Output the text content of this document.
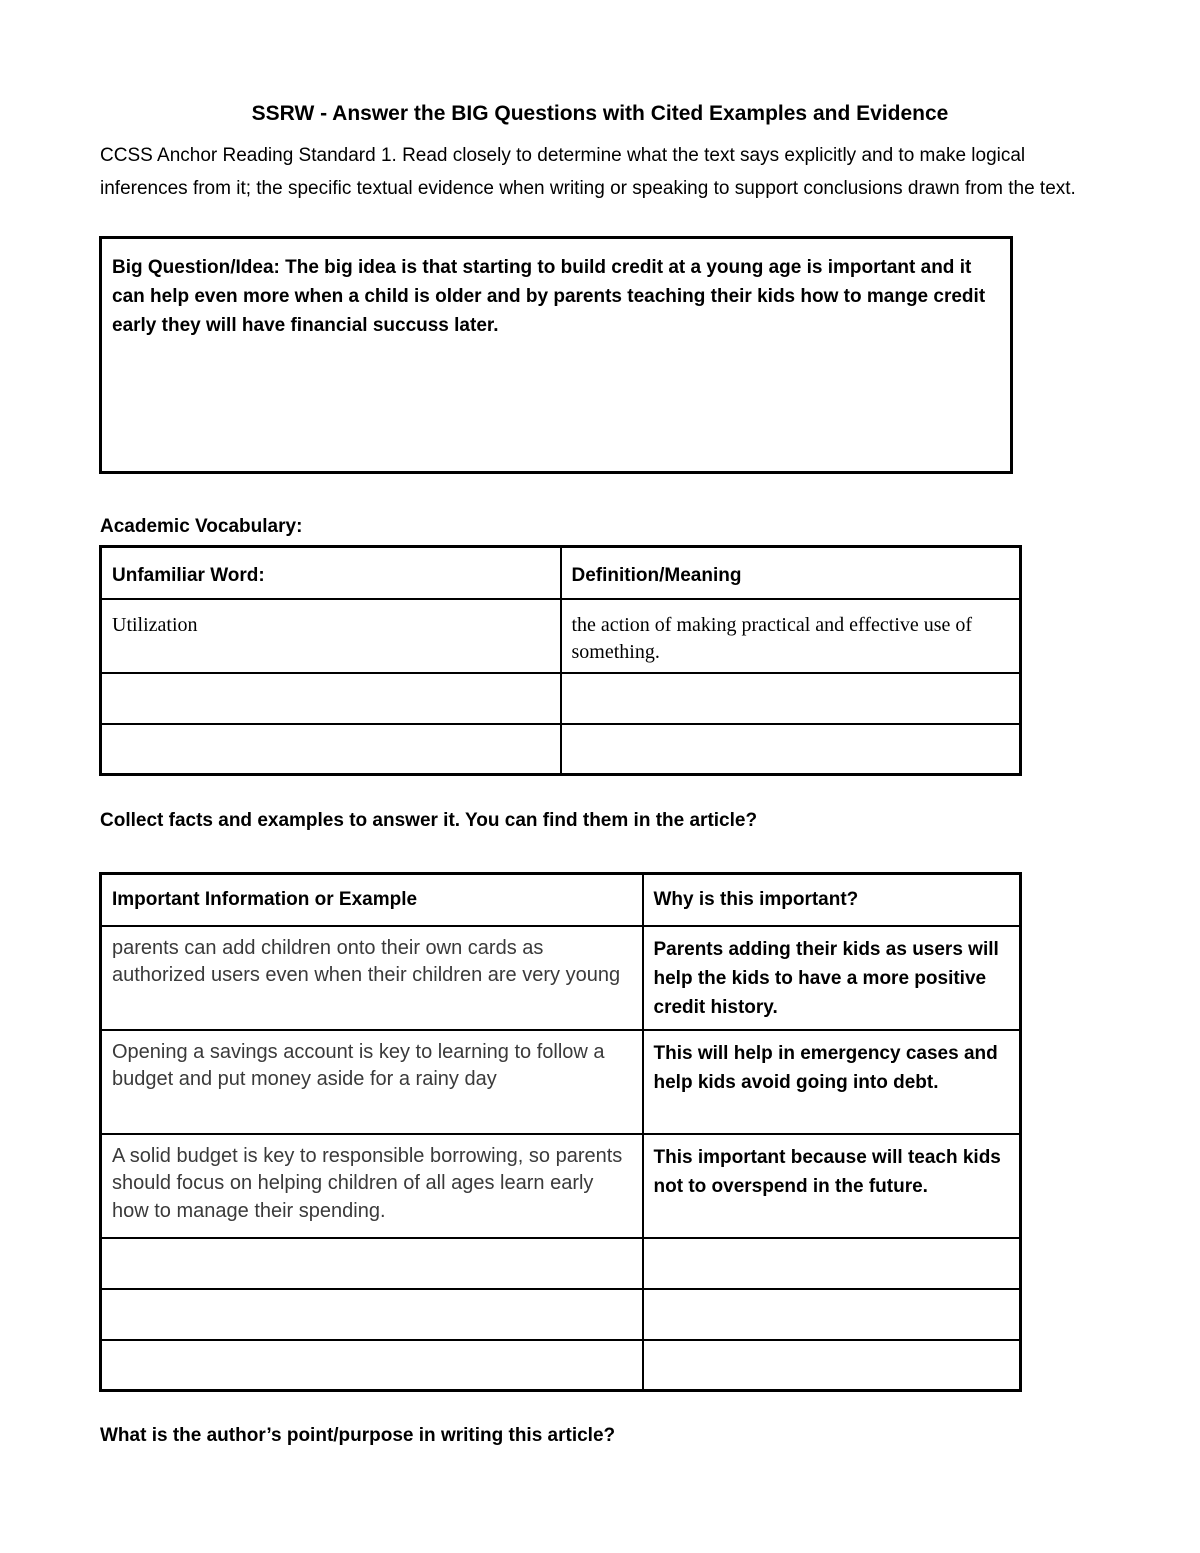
SSRW - Answer the BIG Questions with Cited Examples and Evidence
CCSS Anchor Reading Standard 1. Read closely to determine what the text says explicitly and to make logical inferences from it; the specific textual evidence when writing or speaking to support conclusions drawn from the text.
Big Question/Idea: The big idea is that starting to build credit at a young age is important and it can help even more when a child is older and by parents teaching their kids how to mange credit early they will have financial succuss later.
Academic Vocabulary:
Unfamiliar Word:	Definition/Meaning
Utilization	the action of making practical and effective use of something.

Collect facts and examples to answer it. You can find them in the article?
Important Information or Example	Why is this important?
parents can add children onto their own cards as authorized users even when their children are very young	Parents adding their kids as users will help the kids to have a more positive credit history.
Opening a savings account is key to learning to follow a budget and put money aside for a rainy day	This will help in emergency cases and help kids avoid going into debt.
A solid budget is key to responsible borrowing, so parents should focus on helping children of all ages learn early how to manage their spending.	This important because will teach kids not to overspend in the future.

What is the author’s point/purpose in writing this article?
